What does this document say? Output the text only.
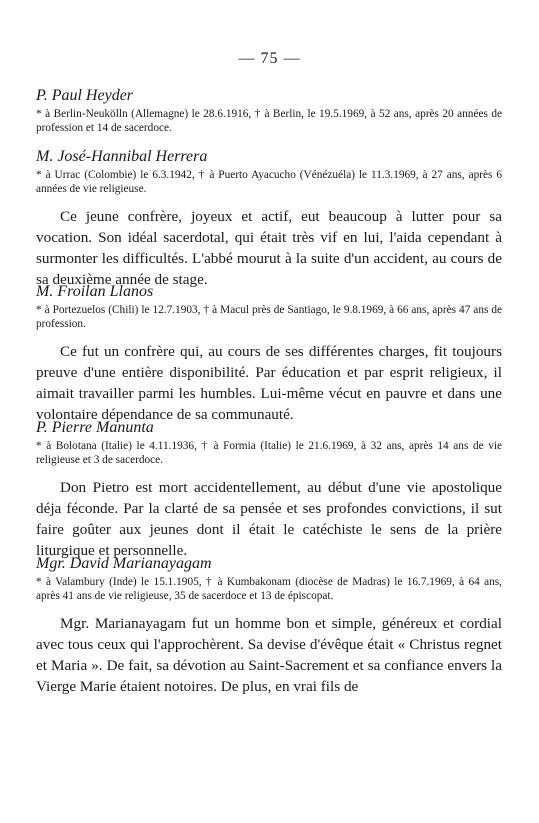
— 75 —
P. Paul Heyder

* à Berlin-Neukölln (Allemagne) le 28.6.1916, † à Berlin, le 19.5.1969, à 52 ans, après 20 années de profession et 14 de sacerdoce.

M. José-Hannibal Herrera

* à Urrac (Colombie) le 6.3.1942, † à Puerto Ayacucho (Vénézuéla) le 11.3.1969, à 27 ans, après 6 années de vie religieuse.

Ce jeune confrère, joyeux et actif, eut beaucoup à lutter pour sa vocation. Son idéal sacerdotal, qui était très vif en lui, l'aida cependant à surmonter les difficultés. L'abbé mourut à la suite d'un accident, au cours de sa deuxième année de stage.

M. Froilan Llanos

* à Portezuelos (Chili) le 12.7.1903, † à Macul près de Santiago, le 9.8.1969, à 66 ans, après 47 ans de profession.

Ce fut un confrère qui, au cours de ses différentes charges, fit toujours preuve d'une entière disponibilité. Par éducation et par esprit religieux, il aimait travailler parmi les humbles. Lui-même vécut en pauvre et dans une volontaire dépendance de sa communauté.

P. Pierre Manunta

* à Bolotana (Italie) le 4.11.1936, † à Formia (Italie) le 21.6.1969, à 32 ans, après 14 ans de vie religieuse et 3 de sacerdoce.

Don Pietro est mort accidentellement, au début d'une vie apostolique déja féconde. Par la clarté de sa pensée et ses profondes convictions, il sut faire goûter aux jeunes dont il était le catéchiste le sens de la prière liturgique et personnelle.

Mgr. David Marianayagam

* à Valambury (Inde) le 15.1.1905, † à Kumbakonam (diocèse de Madras) le 16.7.1969, à 64 ans, après 41 ans de vie religieuse, 35 de sacerdoce et 13 de épiscopat.

Mgr. Marianayagam fut un homme bon et simple, généreux et cordial avec tous ceux qui l'approchèrent. Sa devise d'évêque était « Christus regnet et Maria ». De fait, sa dévotion au Saint-Sacrement et sa confiance envers la Vierge Marie étaient notoires. De plus, en vrai fils de
